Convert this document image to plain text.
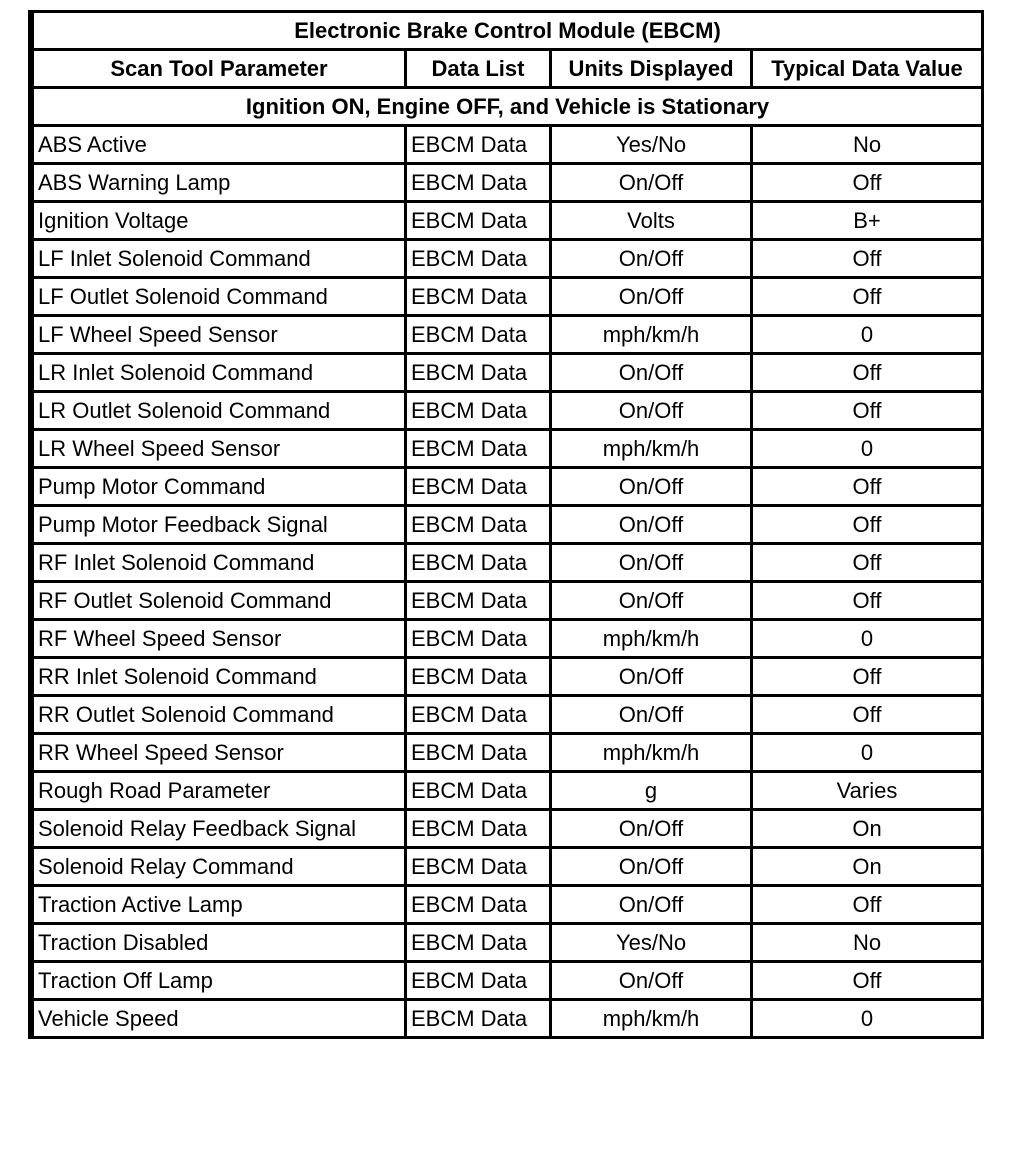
Electronic Brake Control Module (EBCM)			
Scan Tool Parameter	Data List	Units Displayed	Typical Data Value
Ignition ON, Engine OFF, and Vehicle is Stationary			
ABS Active	EBCM Data	Yes/No	No
ABS Warning Lamp	EBCM Data	On/Off	Off
Ignition Voltage	EBCM Data	Volts	B+
LF Inlet Solenoid Command	EBCM Data	On/Off	Off
LF Outlet Solenoid Command	EBCM Data	On/Off	Off
LF Wheel Speed Sensor	EBCM Data	mph/km/h	0
LR Inlet Solenoid Command	EBCM Data	On/Off	Off
LR Outlet Solenoid Command	EBCM Data	On/Off	Off
LR Wheel Speed Sensor	EBCM Data	mph/km/h	0
Pump Motor Command	EBCM Data	On/Off	Off
Pump Motor Feedback Signal	EBCM Data	On/Off	Off
RF Inlet Solenoid Command	EBCM Data	On/Off	Off
RF Outlet Solenoid Command	EBCM Data	On/Off	Off
RF Wheel Speed Sensor	EBCM Data	mph/km/h	0
RR Inlet Solenoid Command	EBCM Data	On/Off	Off
RR Outlet Solenoid Command	EBCM Data	On/Off	Off
RR Wheel Speed Sensor	EBCM Data	mph/km/h	0
Rough Road Parameter	EBCM Data	g	Varies
Solenoid Relay Feedback Signal	EBCM Data	On/Off	On
Solenoid Relay Command	EBCM Data	On/Off	On
Traction Active Lamp	EBCM Data	On/Off	Off
Traction Disabled	EBCM Data	Yes/No	No
Traction Off Lamp	EBCM Data	On/Off	Off
Vehicle Speed	EBCM Data	mph/km/h	0
